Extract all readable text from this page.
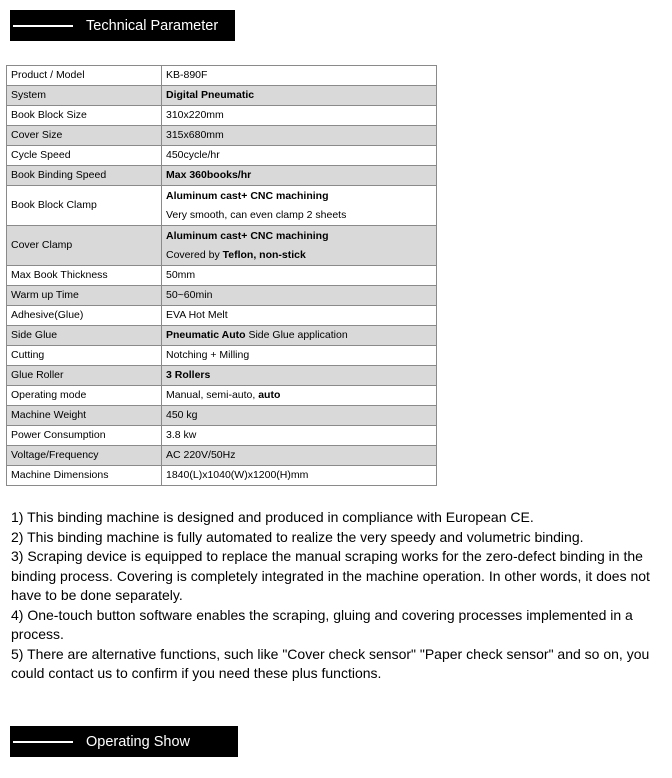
Technical Parameter
Product / Model	KB-890F
System	Digital Pneumatic
Book Block Size	310x220mm
Cover Size	315x680mm
Cycle Speed	450cycle/hr
Book Binding Speed	Max 360books/hr
Book Block Clamp	Aluminum cast+ CNC machining
Very smooth, can even clamp 2 sheets

Cover Clamp	Aluminum cast+ CNC machining
Covered by Teflon, non-stick

Max Book Thickness	50mm
Warm up Time	50~60min
Adhesive(Glue)	EVA Hot Melt
Side Glue	Pneumatic Auto Side Glue application
Cutting	Notching + Milling
Glue Roller	3 Rollers
Operating mode	Manual, semi-auto, auto
Machine Weight	450 kg
Power Consumption	3.8 kw
Voltage/Frequency	AC 220V/50Hz
Machine Dimensions	1840(L)x1040(W)x1200(H)mm

1) This binding machine is designed and produced in compliance with European CE.

2) This binding machine is fully automated to realize the very speedy and volumetric binding.

3) Scraping device is equipped to replace the manual scraping works for the zero-defect binding in the binding process. Covering is completely integrated in the machine operation. In other words, it does not have to be done separately.

4) One-touch button software enables the scraping, gluing and covering processes implemented in a process.

5) There are alternative functions, such like "Cover check sensor" "Paper check sensor" and so on, you could contact us to confirm if you need these plus functions.

Operating Show
